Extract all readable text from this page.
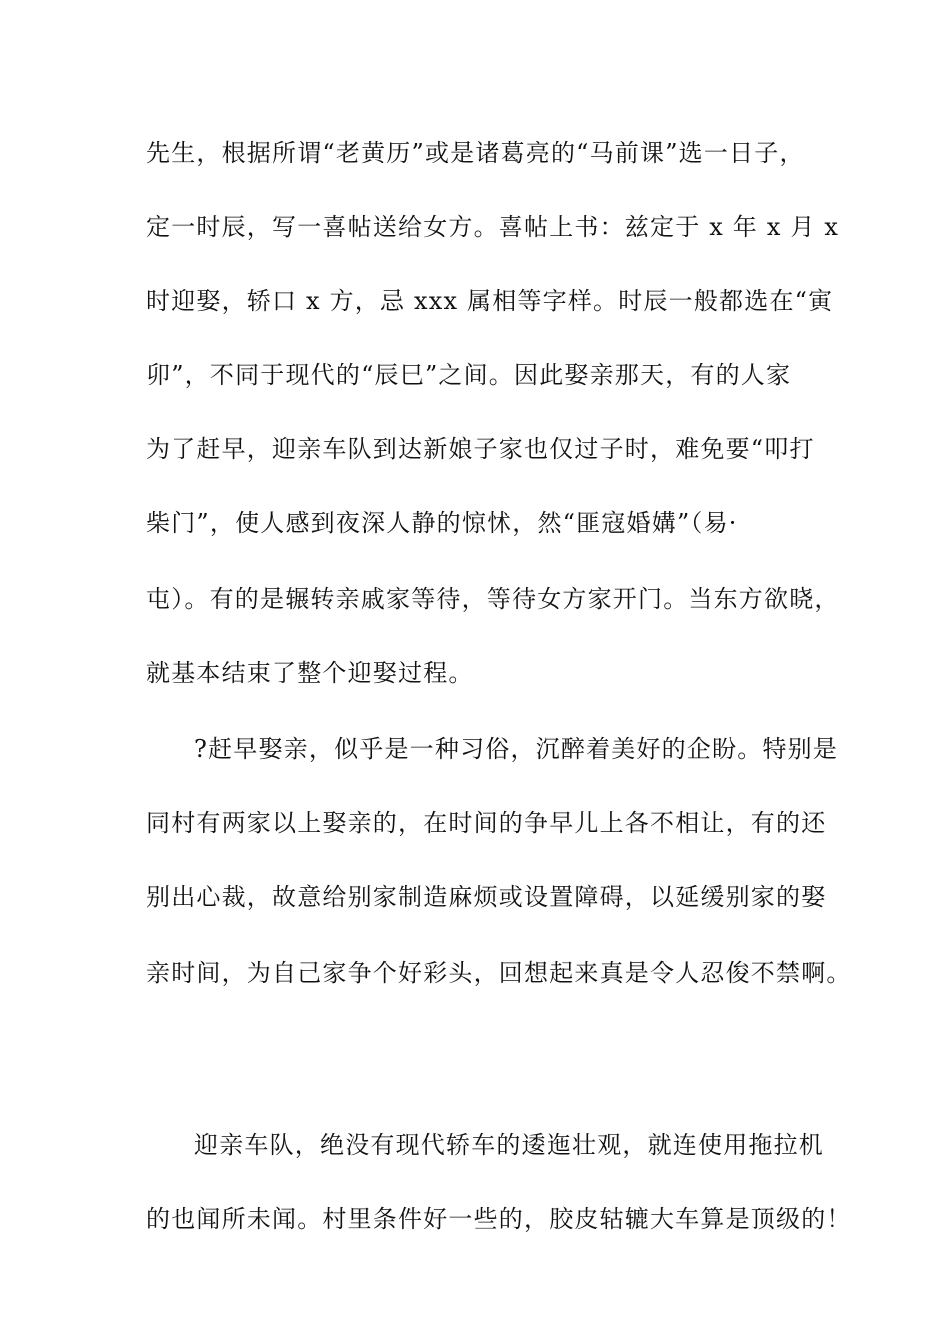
先生，根据所谓“老黄历”或是诸葛亮的“马前课”选一日子，
定一时辰，写一喜帖送给女方。喜帖上书：兹定于 x 年 x 月 x
时迎娶，轿口 x 方，忌 xxx 属相等字样。时辰一般都选在“寅
卯”，不同于现代的“辰巳”之间。因此娶亲那天，有的人家
为了赶早，迎亲车队到达新娘子家也仅过子时，难免要“叩打
柴门”，使人感到夜深人静的惊怵，然“匪寇婚媾”（易·
屯）。有的是辗转亲戚家等待，等待女方家开门。当东方欲晓，
就基本结束了整个迎娶过程。
?赶早娶亲，似乎是一种习俗，沉醉着美好的企盼。特别是
同村有两家以上娶亲的，在时间的争早儿上各不相让，有的还
别出心裁，故意给别家制造麻烦或设置障碍，以延缓别家的娶
亲时间，为自己家争个好彩头，回想起来真是令人忍俊不禁啊。
迎亲车队，绝没有现代轿车的逶迤壮观，就连使用拖拉机
的也闻所未闻。村里条件好一些的，胶皮轱辘大车算是顶级的！
